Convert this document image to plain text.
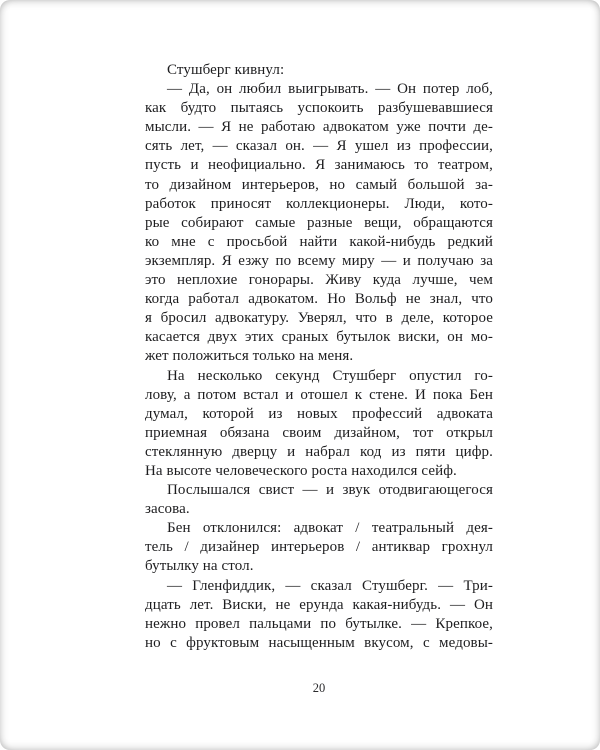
Стушберг кивнул:
— Да, он любил выигрывать. — Он потер лоб,
как будто пытаясь успокоить разбушевавшиеся
мысли. — Я не работаю адвокатом уже почти де-
сять лет, — сказал он. — Я ушел из профессии,
пусть и неофициально. Я занимаюсь то театром,
то дизайном интерьеров, но самый большой за-
работок приносят коллекционеры. Люди, кото-
рые собирают самые разные вещи, обращаются
ко мне с просьбой найти какой-нибудь редкий
экземпляр. Я езжу по всему миру — и получаю за
это неплохие гонорары. Живу куда лучше, чем
когда работал адвокатом. Но Вольф не знал, что
я бросил адвокатуру. Уверял, что в деле, которое
касается двух этих сраных бутылок виски, он мо-
жет положиться только на меня.
На несколько секунд Стушберг опустил го-
лову, а потом встал и отошел к стене. И пока Бен
думал, которой из новых профессий адвоката
приемная обязана своим дизайном, тот открыл
стеклянную дверцу и набрал код из пяти цифр.
На высоте человеческого роста находился сейф.
Послышался свист — и звук отодвигающегося
засова.
Бен отклонился: адвокат / театральный дея-
тель / дизайнер интерьеров / антиквар грохнул
бутылку на стол.
— Гленфиддик, — сказал Стушберг. — Три-
дцать лет. Виски, не ерунда какая-нибудь. — Он
нежно провел пальцами по бутылке. — Крепкое,
но с фруктовым насыщенным вкусом, с медовы-
20
